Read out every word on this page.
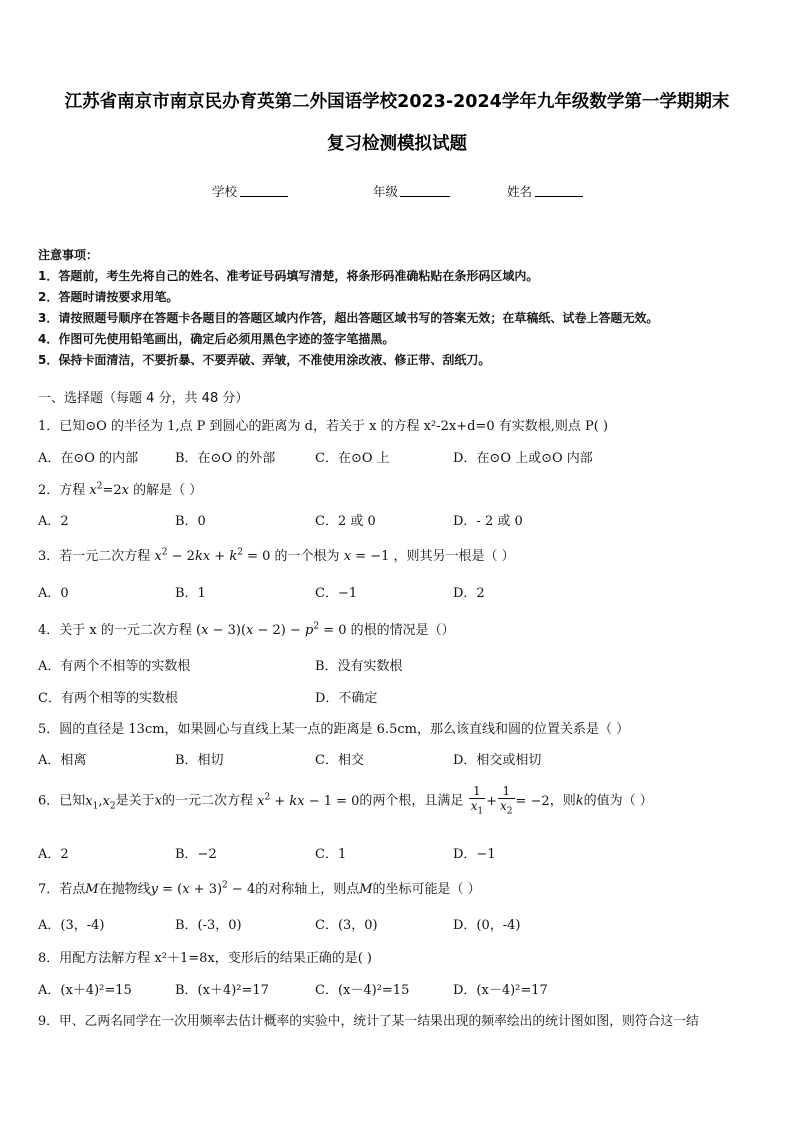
江苏省南京市南京民办育英第二外国语学校2023-2024学年九年级数学第一学期期末
复习检测模拟试题
学校	年级	姓名
注意事项：
1．答题前，考生先将自己的姓名、准考证号码填写清楚，将条形码准确粘贴在条形码区域内。
2．答题时请按要求用笔。
3．请按照题号顺序在答题卡各题目的答题区域内作答，超出答题区域书写的答案无效；在草稿纸、试卷上答题无效。
4．作图可先使用铅笔画出，确定后必须用黑色字迹的签字笔描黑。
5．保持卡面清洁，不要折暴、不要弄破、弄皱，不准使用涂改液、修正带、刮纸刀。
一、选择题（每题 4 分，共 48 分）
1．已知⊙O 的半径为 1,点 P 到圆心的距离为 d，若关于 x 的方程 x²-2x+d=0 有实数根,则点 P( )
A．在⊙O 的内部	B．在⊙O 的外部	C．在⊙O 上	D．在⊙O 上或⊙O 内部
2．方程 $x^2=2x$ 的解是（ ）
A．2	B．0	C．2 或 0	D．- 2 或 0
3．若一元二次方程 $x^2 - 2kx + k^2 = 0$ 的一个根为 x = −1 ，则其另一根是（ ）
A．0	B．1	C．−1	D．2
4．关于 x 的一元二次方程 $(x - 3)(x - 2) - p^2 = 0$ 的根的情况是（）
A．有两个不相等的实数根	B．没有实数根
C．有两个相等的实数根	D．不确定
5．圆的直径是 13cm，如果圆心与直线上某一点的距离是 6.5cm，那么该直线和圆的位置关系是（ ）
A．相离	B．相切	C．相交	D．相交或相切
6．已知$x_1,x_2$是关于x的一元二次方程 $x^2$ + kx − 1 = 0的两个根，且满足 $\frac{1}{x_1} + \frac{1}{x_2} = -2$，则k的值为（ ）
A．2	B．−2	C．1	D．−1
7．若点M在抛物线$y = (x + 3)^2 - 4$的对称轴上，则点M的坐标可能是（ ）
A．(3，-4)	B．(-3，0)	C．(3，0)	D．(0，-4)
8．用配方法解方程 x²＋1=8x，变形后的结果正确的是( )
A．(x＋4)²=15	B．(x＋4)²=17	C．(x－4)²=15	D．(x－4)²=17
9．甲、乙两名同学在一次用频率去估计概率的实验中，统计了某一结果出现的频率绘出的统计图如图，则符合这一结
